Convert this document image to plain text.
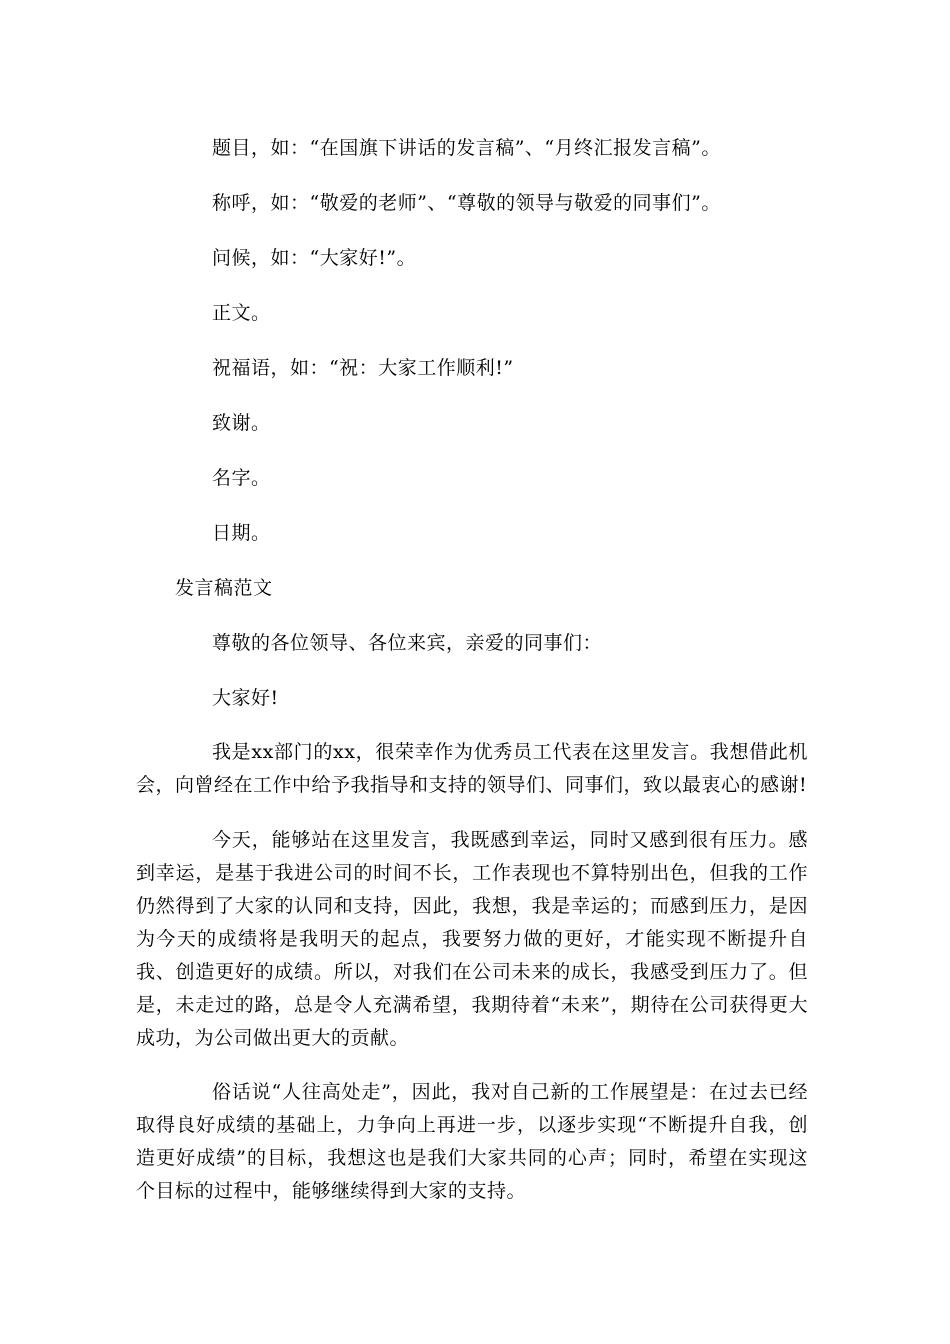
题目，如：“在国旗下讲话的发言稿”、“月终汇报发言稿”。
称呼，如：“敬爱的老师”、“尊敬的领导与敬爱的同事们”。
问候，如：“大家好!”。
正文。
祝福语，如：“祝：大家工作顺利!”
致谢。
名字。
日期。
发言稿范文
尊敬的各位领导、各位来宾，亲爱的同事们：
大家好!
我是xx部门的xx，很荣幸作为优秀员工代表在这里发言。我想借此机会，向曾经在工作中给予我指导和支持的领导们、同事们，致以最衷心的感谢!
今天，能够站在这里发言，我既感到幸运，同时又感到很有压力。感到幸运，是基于我进公司的时间不长，工作表现也不算特别出色，但我的工作仍然得到了大家的认同和支持，因此，我想，我是幸运的；而感到压力，是因为今天的成绩将是我明天的起点，我要努力做的更好，才能实现不断提升自我、创造更好的成绩。所以，对我们在公司未来的成长，我感受到压力了。但是，未走过的路，总是令人充满希望，我期待着“未来”，期待在公司获得更大成功，为公司做出更大的贡献。
俗话说“人往高处走”，因此，我对自己新的工作展望是：在过去已经取得良好成绩的基础上，力争向上再进一步，以逐步实现“不断提升自我，创造更好成绩”的目标，我想这也是我们大家共同的心声；同时，希望在实现这个目标的过程中，能够继续得到大家的支持。
